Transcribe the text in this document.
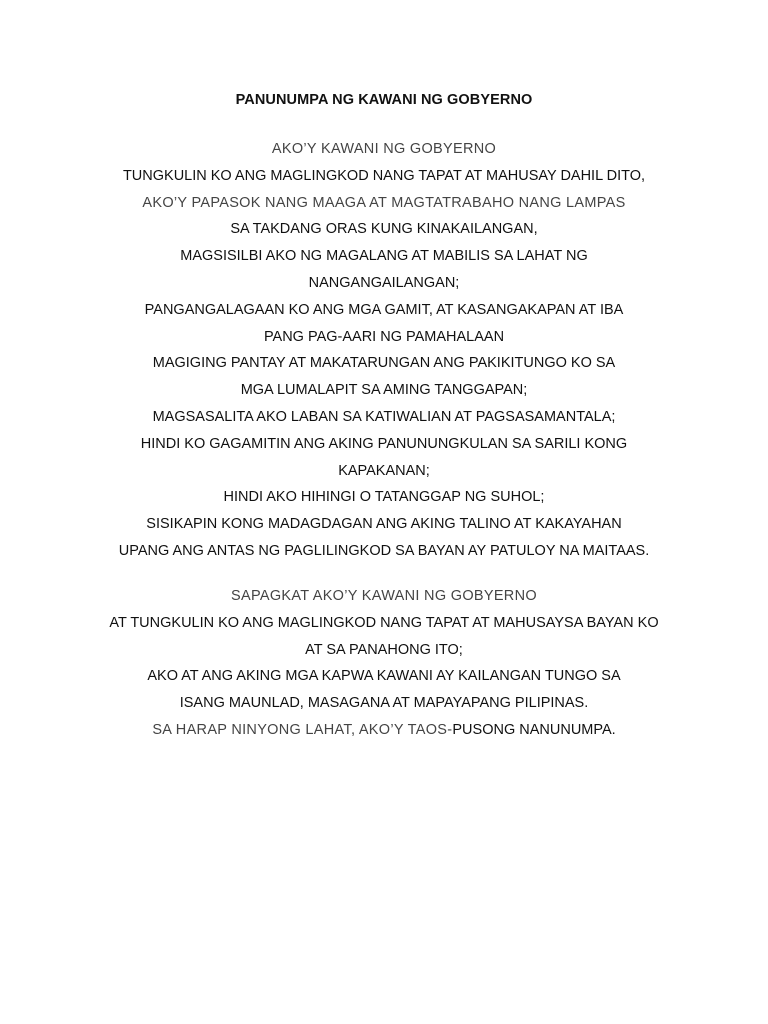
PANUNUMPA NG KAWANI NG GOBYERNO
AKO’Y KAWANI NG GOBYERNO
TUNGKULIN KO ANG MAGLINGKOD NANG TAPAT AT MAHUSAY DAHIL DITO,
AKO’Y PAPASOK NANG MAAGA AT MAGTATRABAHO NANG LAMPAS
SA TAKDANG ORAS KUNG KINAKAILANGAN,
MAGSISILBI AKO NG MAGALANG AT MABILIS SA LAHAT NG
NANGANGAILANGAN;
PANGANGALAGAAN KO ANG MGA GAMIT, AT KASANGAKAPAN AT IBA
PANG PAG-AARI NG PAMAHALAAN
MAGIGING PANTAY AT MAKATARUNGAN ANG PAKIKITUNGO KO SA
MGA LUMALAPIT SA AMING TANGGAPAN;
MAGSASALITA AKO LABAN SA KATIWALIAN AT PAGSASAMANTALA;
HINDI KO GAGAMITIN ANG AKING PANUNUNGKULAN SA SARILI KONG
KAPAKANAN;
HINDI AKO HIHINGI O TATANGGAP NG SUHOL;
SISIKAPIN KONG MADAGDAGAN ANG AKING TALINO AT KAKAYAHAN
UPANG ANG ANTAS NG PAGLILINGKOD SA BAYAN AY PATULOY NA MAITAAS.
SAPAGKAT AKO’Y KAWANI NG GOBYERNO
AT TUNGKULIN KO ANG MAGLINGKOD NANG TAPAT AT MAHUSAYSA BAYAN KO
AT SA PANAHONG ITO;
AKO AT ANG AKING MGA KAPWA KAWANI AY KAILANGAN TUNGO SA
ISANG MAUNLAD, MASAGANA AT MAPAYAPANG PILIPINAS.
SA HARAP NINYONG LAHAT, AKO’Y TAOS-PUSONG NANUNUMPA.
